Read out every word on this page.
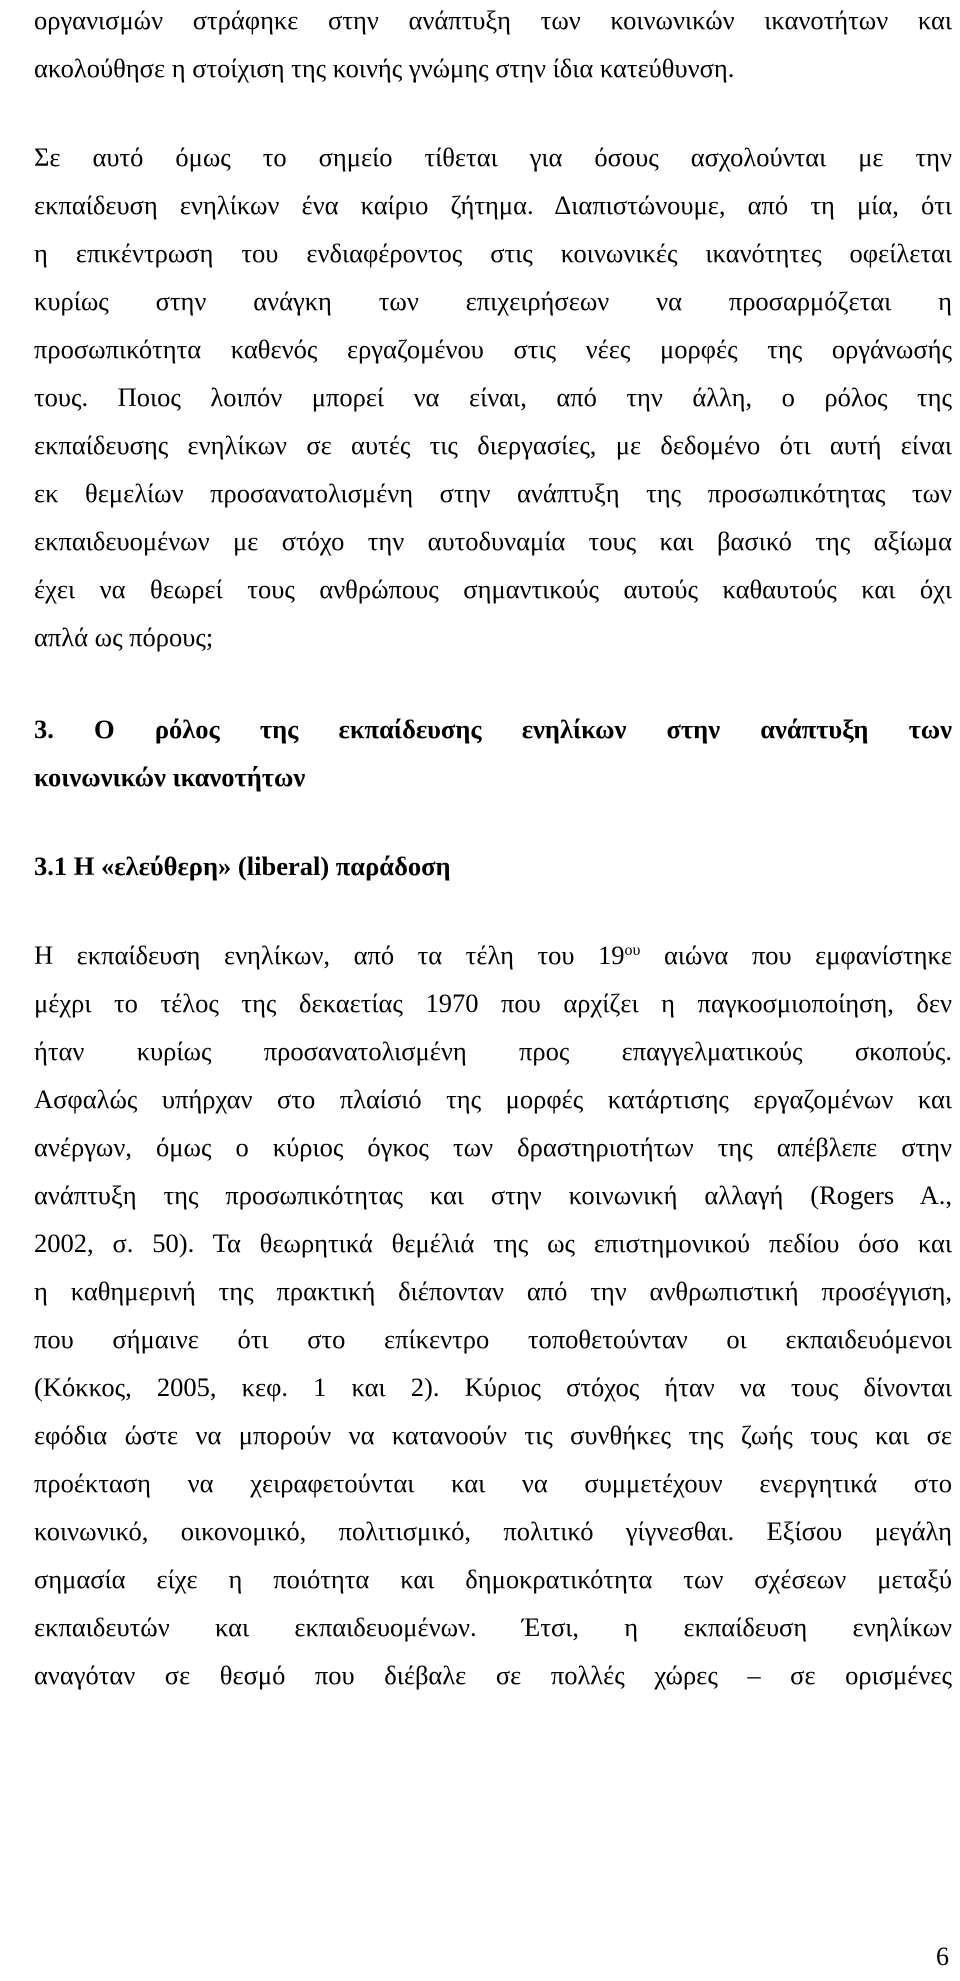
οργανισμών στράφηκε στην ανάπτυξη των κοινωνικών ικανοτήτων και
ακολούθησε η στοίχιση της κοινής γνώμης στην ίδια κατεύθυνση.
Σε αυτό όμως το σημείο τίθεται για όσους ασχολούνται με την
εκπαίδευση ενηλίκων ένα καίριο ζήτημα. Διαπιστώνουμε, από τη μία, ότι
η επικέντρωση του ενδιαφέροντος στις κοινωνικές ικανότητες οφείλεται
κυρίως στην ανάγκη των επιχειρήσεων να προσαρμόζεται η
προσωπικότητα καθενός εργαζομένου στις νέες μορφές της οργάνωσής
τους. Ποιος λοιπόν μπορεί να είναι, από την άλλη, ο ρόλος της
εκπαίδευσης ενηλίκων σε αυτές τις διεργασίες, με δεδομένο ότι αυτή είναι
εκ θεμελίων προσανατολισμένη στην ανάπτυξη της προσωπικότητας των
εκπαιδευομένων με στόχο την αυτοδυναμία τους και βασικό της αξίωμα
έχει να θεωρεί τους ανθρώπους σημαντικούς αυτούς καθαυτούς και όχι
απλά ως πόρους;
3. Ο ρόλος της εκπαίδευσης ενηλίκων στην ανάπτυξη των
κοινωνικών ικανοτήτων
3.1 Η «ελεύθερη» (liberal) παράδοση
Η εκπαίδευση ενηλίκων, από τα τέλη του $19^{o\upsilon}$ αιώνα που εμφανίστηκε
μέχρι το τέλος της δεκαετίας 1970 που αρχίζει η παγκοσμιοποίηση, δεν
ήταν κυρίως προσανατολισμένη προς επαγγελματικούς σκοπούς.
Ασφαλώς υπήρχαν στο πλαίσιό της μορφές κατάρτισης εργαζομένων και
ανέργων, όμως ο κύριος όγκος των δραστηριοτήτων της απέβλεπε στην
ανάπτυξη της προσωπικότητας και στην κοινωνική αλλαγή (Rogers A.,
2002, σ. 50). Τα θεωρητικά θεμέλιά της ως επιστημονικού πεδίου όσο και
η καθημερινή της πρακτική διέπονταν από την ανθρωπιστική προσέγγιση,
που σήμαινε ότι στο επίκεντρο τοποθετούνταν οι εκπαιδευόμενοι
(Κόκκος, 2005, κεφ. 1 και 2). Κύριος στόχος ήταν να τους δίνονται
εφόδια ώστε να μπορούν να κατανοούν τις συνθήκες της ζωής τους και σε
προέκταση να χειραφετούνται και να συμμετέχουν ενεργητικά στο
κοινωνικό, οικονομικό, πολιτισμικό, πολιτικό γίγνεσθαι. Εξίσου μεγάλη
σημασία είχε η ποιότητα και δημοκρατικότητα των σχέσεων μεταξύ
εκπαιδευτών και εκπαιδευομένων. Έτσι, η εκπαίδευση ενηλίκων
αναγόταν σε θεσμό που διέβαλε σε πολλές χώρες – σε ορισμένες
6
